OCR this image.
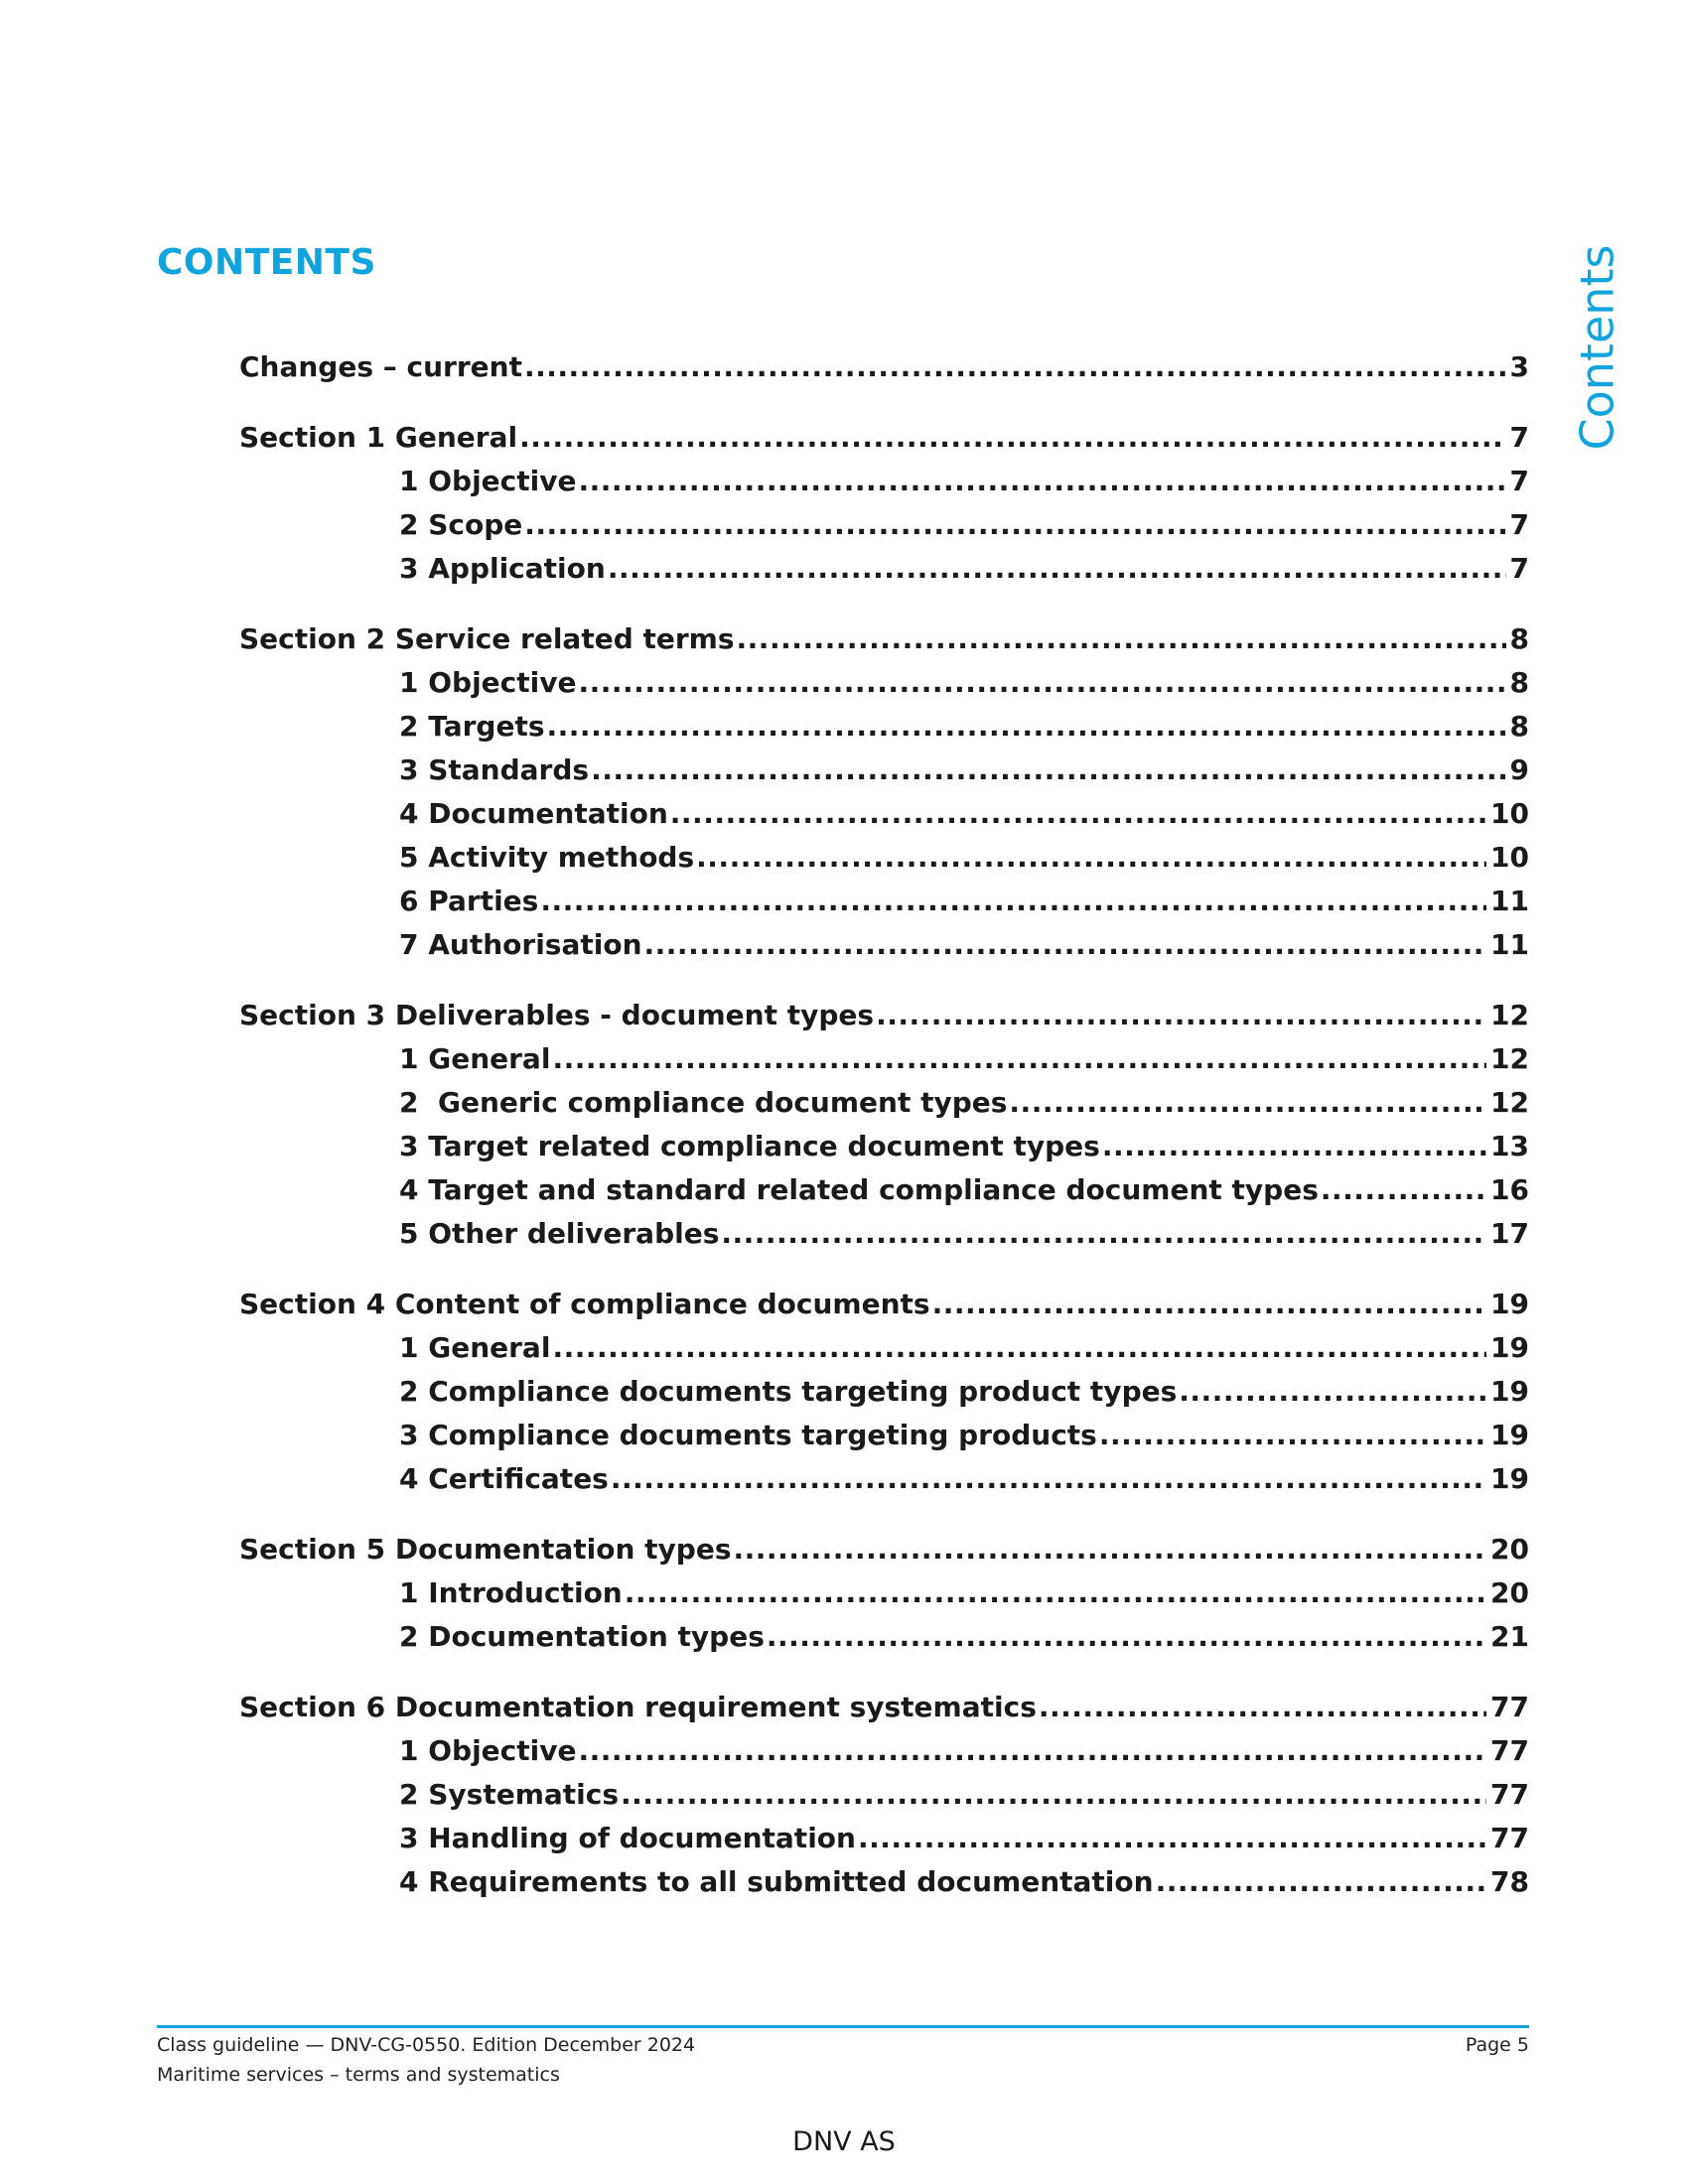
CONTENTS	Contents
Changes – current .....	3
Section 1 General .....	7
1 Objective .....	7
2 Scope .....	7
3 Application .....	7
Section 2 Service related terms .....	8
1 Objective .....	8
2 Targets .....	8
3 Standards .....	9
4 Documentation .....	10
5 Activity methods .....	10
6 Parties .....	11
7 Authorisation .....	11
Section 3 Deliverables - document types .....	12
1 General .....	12
2  Generic compliance document types .....	12
3 Target related compliance document types .....	13
4 Target and standard related compliance document types .....	16
5 Other deliverables .....	17
Section 4 Content of compliance documents .....	19
1 General .....	19
2 Compliance documents targeting product types .....	19
3 Compliance documents targeting products .....	19
4 Certificates .....	19
Section 5 Documentation types .....	20
1 Introduction .....	20
2 Documentation types .....	21
Section 6 Documentation requirement systematics .....	77
1 Objective .....	77
2 Systematics .....	77
3 Handling of documentation .....	77
4 Requirements to all submitted documentation .....	78
Class guideline — DNV-CG-0550. Edition December 2024	Page 5
Maritime services – terms and systematics
DNV AS
